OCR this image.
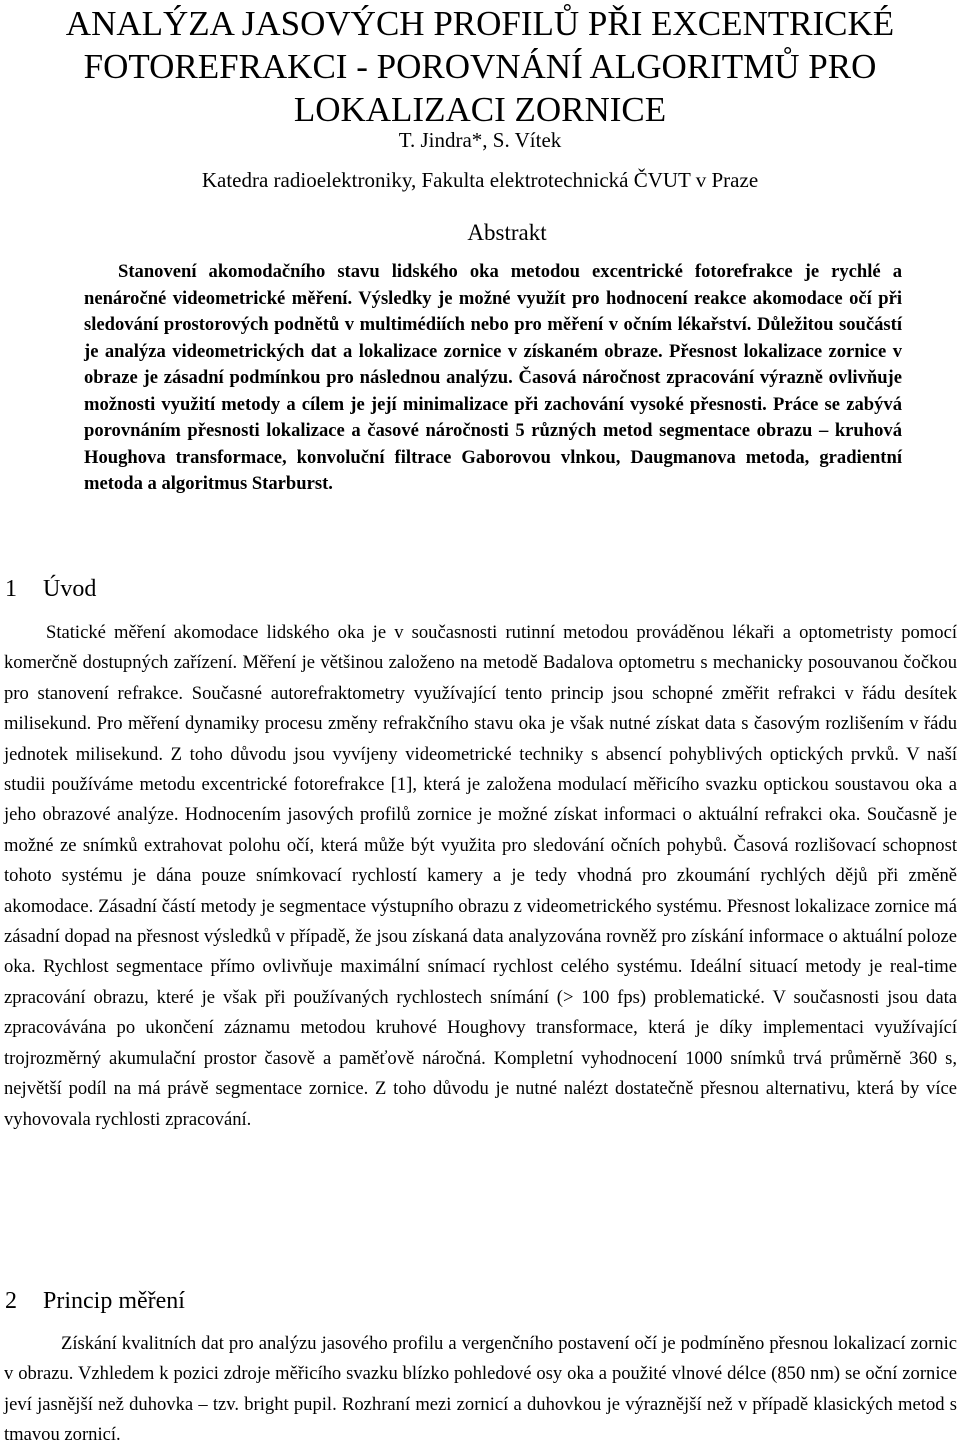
ANALÝZA JASOVÝCH PROFILŮ PŘI EXCENTRICKÉ
FOTOREFRAKCI - POROVNÁNÍ ALGORITMŮ PRO
LOKALIZACI ZORNICE
T. Jindra*, S. Vítek
Katedra radioelektroniky, Fakulta elektrotechnická ČVUT v Praze
Abstrakt

Stanovení akomodačního stavu lidského oka metodou excentrické fotorefrakce je rychlé a nenáročné videometrické měření. Výsledky je možné využít pro hodnocení reakce akomodace očí při sledování prostorových podnětů v multimédiích nebo pro měření v očním lékařství. Důležitou součástí je analýza videometrických dat a lokalizace zornice v získaném obraze. Přesnost lokalizace zornice v obraze je zásadní podmínkou pro následnou analýzu. Časová náročnost zpracování výrazně ovlivňuje možnosti využití metody a cílem je její minimalizace při zachování vysoké přesnosti. Práce se zabývá porovnáním přesnosti lokalizace a časové náročnosti 5 různých metod segmentace obrazu – kruhová Houghova transformace, konvoluční filtrace Gaborovou vlnkou, Daugmanova metoda, gradientní metoda a algoritmus Starburst.

1 Úvod

Statické měření akomodace lidského oka je v současnosti rutinní metodou prováděnou lékaři a optometristy pomocí komerčně dostupných zařízení. Měření je většinou založeno na metodě Badalova optometru s mechanicky posouvanou čočkou pro stanovení refrakce. Současné autorefraktometry využívající tento princip jsou schopné změřit refrakci v řádu desítek milisekund. Pro měření dynamiky procesu změny refrakčního stavu oka je však nutné získat data s časovým rozlišením v řádu jednotek milisekund. Z toho důvodu jsou vyvíjeny videometrické techniky s absencí pohyblivých optických prvků. V naší studii používáme metodu excentrické fotorefrakce [1], která je založena modulací měřicího svazku optickou soustavou oka a jeho obrazové analýze. Hodnocením jasových profilů zornice je možné získat informaci o aktuální refrakci oka. Současně je možné ze snímků extrahovat polohu očí, která může být využita pro sledování očních pohybů. Časová rozlišovací schopnost tohoto systému je dána pouze snímkovací rychlostí kamery a je tedy vhodná pro zkoumání rychlých dějů při změně akomodace. Zásadní částí metody je segmentace výstupního obrazu z videometrického systému. Přesnost lokalizace zornice má zásadní dopad na přesnost výsledků v případě, že jsou získaná data analyzována rovněž pro získání informace o aktuální poloze oka. Rychlost segmentace přímo ovlivňuje maximální snímací rychlost celého systému. Ideální situací metody je real-time zpracování obrazu, které je však při používaných rychlostech snímání (> 100 fps) problematické. V současnosti jsou data zpracovávána po ukončení záznamu metodou kruhové Houghovy transformace, která je díky implementaci využívající trojrozměrný akumulační prostor časově a paměťově náročná. Kompletní vyhodnocení 1000 snímků trvá průměrně 360 s, největší podíl na má právě segmentace zornice. Z toho důvodu je nutné nalézt dostatečně přesnou alternativu, která by více vyhovovala rychlosti zpracování.

2 Princip měření

Získání kvalitních dat pro analýzu jasového profilu a vergenčního postavení očí je podmíněno přesnou lokalizací zornic v obrazu. Vzhledem k pozici zdroje měřicího svazku blízko pohledové osy oka a použité vlnové délce (850 nm) se oční zornice jeví jasnější než duhovka – tzv. bright pupil. Rozhraní mezi zornicí a duhovkou je výraznější než v případě klasických metod s tmavou zornicí.
